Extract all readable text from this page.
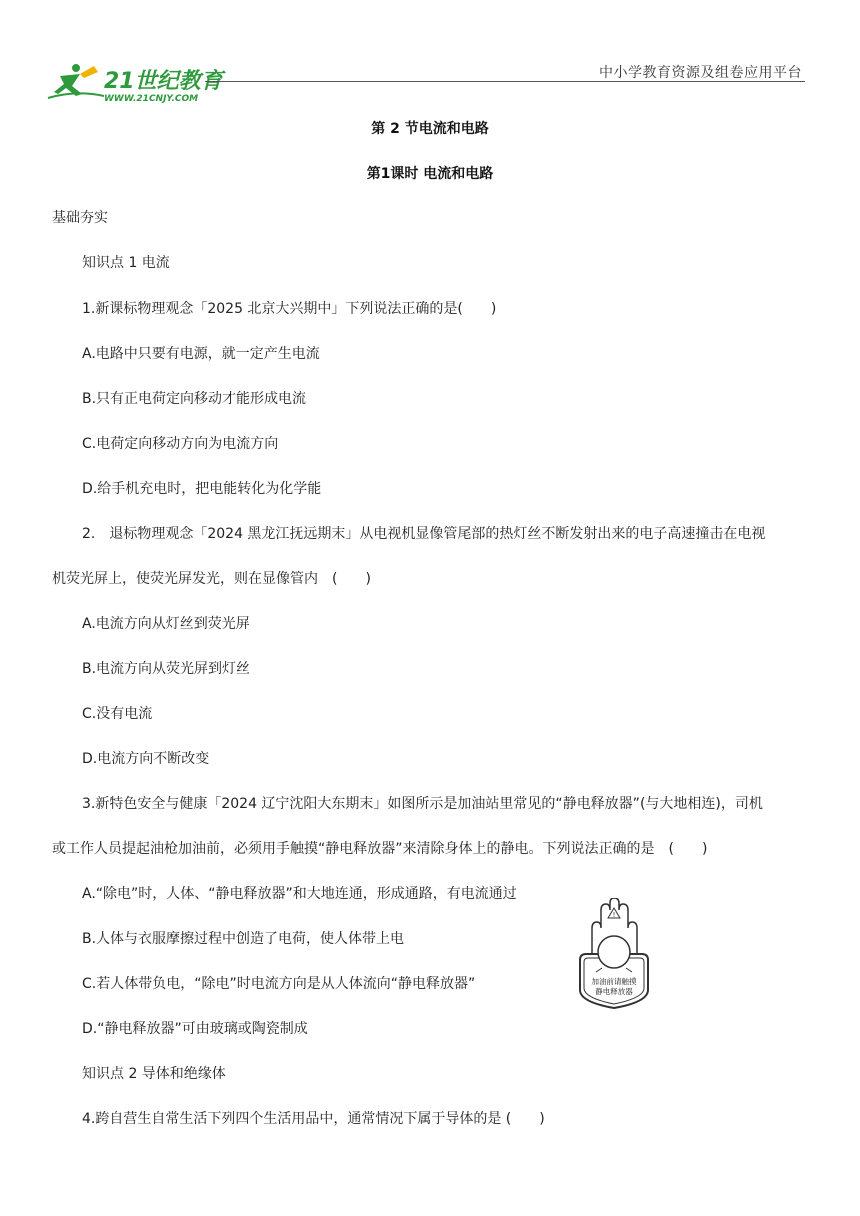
21世纪教育
WWW.21CNJY.COM
中小学教育资源及组卷应用平台
第 2 节电流和电路
第1课时 电流和电路
基础夯实
知识点 1 电流
1.新课标物理观念「2025 北京大兴期中」下列说法正确的是(　　)
A.电路中只要有电源，就一定产生电流
B.只有正电荷定向移动才能形成电流
C.电荷定向移动方向为电流方向
D.给手机充电时，把电能转化为化学能
2.　退标物理观念「2024 黑龙江抚远期末」从电视机显像管尾部的热灯丝不断发射出来的电子高速撞击在电视
机荧光屏上，使荧光屏发光，则在显像管内　(　　)
A.电流方向从灯丝到荧光屏
B.电流方向从荧光屏到灯丝
C.没有电流
D.电流方向不断改变
3.新特色安全与健康「2024 辽宁沈阳大东期末」如图所示是加油站里常见的“静电释放器”(与大地相连)，司机
或工作人员提起油枪加油前，必须用手触摸“静电释放器”来清除身体上的静电。下列说法正确的是　(　　)
A.“除电”时，人体、“静电释放器”和大地连通，形成通路，有电流通过
B.人体与衣服摩擦过程中创造了电荷，使人体带上电
C.若人体带负电，“除电”时电流方向是从人体流向“静电释放器”
D.“静电释放器”可由玻璃或陶瓷制成
!
加油前请触摸
静电释放器
知识点 2 导体和绝缘体
4.跨自营生自常生活下列四个生活用品中，通常情况下属于导体的是 (　　)
